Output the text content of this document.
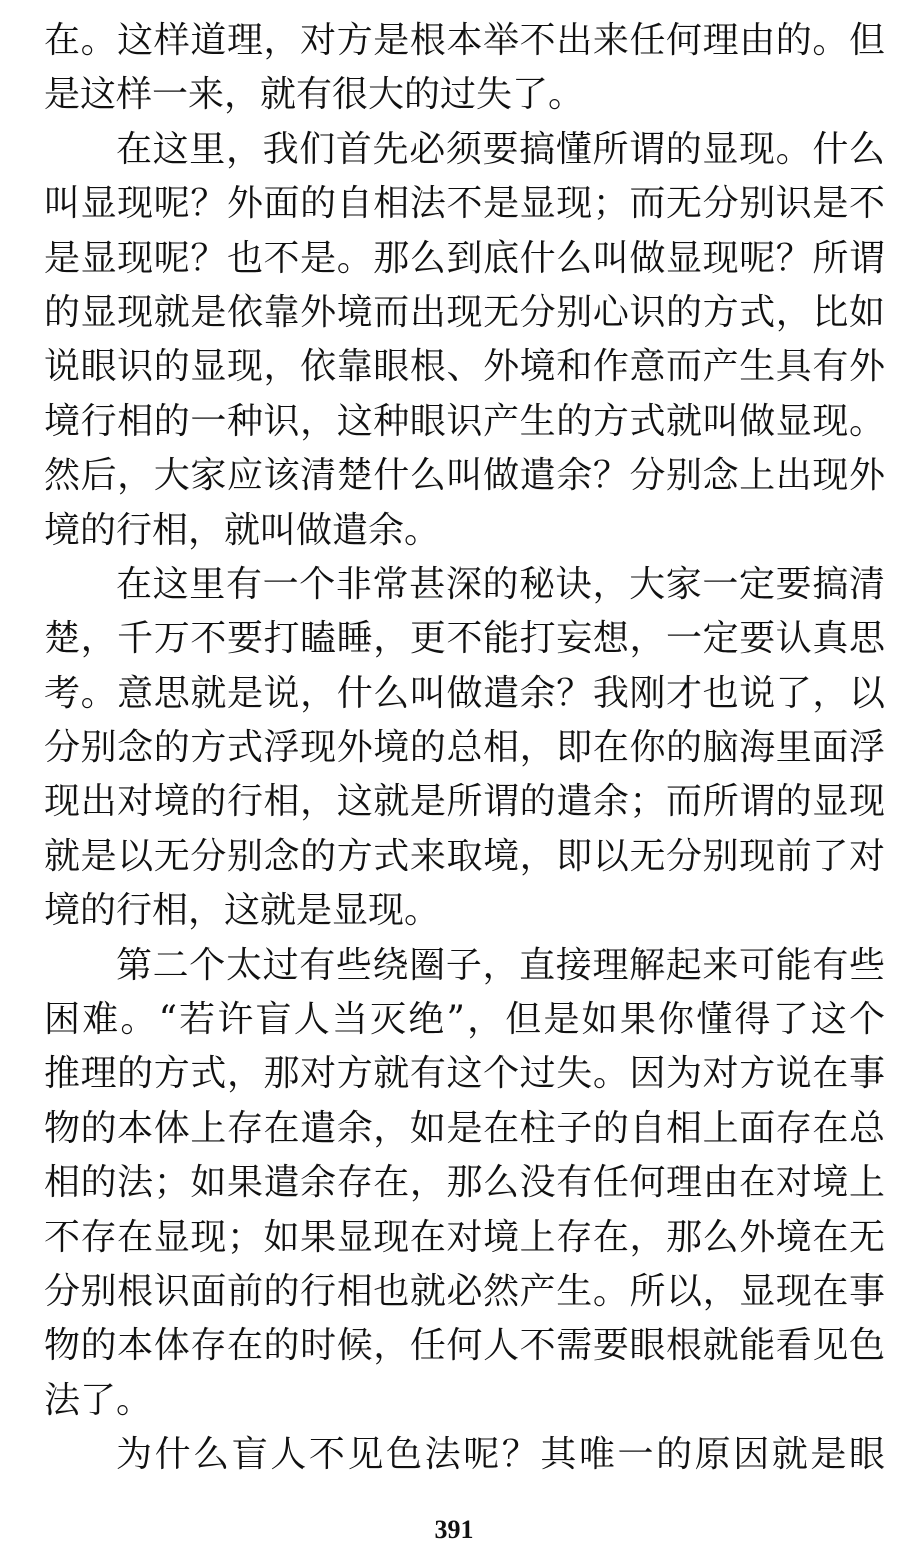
在。这样道理，对方是根本举不出来任何理由的。但
是这样一来，就有很大的过失了。
在这里，我们首先必须要搞懂所谓的显现。什么
叫显现呢？外面的自相法不是显现；而无分别识是不
是显现呢？也不是。那么到底什么叫做显现呢？所谓
的显现就是依靠外境而出现无分别心识的方式，比如
说眼识的显现，依靠眼根、外境和作意而产生具有外
境行相的一种识，这种眼识产生的方式就叫做显现。
然后，大家应该清楚什么叫做遣余？分别念上出现外
境的行相，就叫做遣余。
在这里有一个非常甚深的秘诀，大家一定要搞清
楚，千万不要打瞌睡，更不能打妄想，一定要认真思
考。意思就是说，什么叫做遣余？我刚才也说了，以
分别念的方式浮现外境的总相，即在你的脑海里面浮
现出对境的行相，这就是所谓的遣余；而所谓的显现
就是以无分别念的方式来取境，即以无分别现前了对
境的行相，这就是显现。
第二个太过有些绕圈子，直接理解起来可能有些
困难。“若许盲人当灭绝”，但是如果你懂得了这个
推理的方式，那对方就有这个过失。因为对方说在事
物的本体上存在遣余，如是在柱子的自相上面存在总
相的法；如果遣余存在，那么没有任何理由在对境上
不存在显现；如果显现在对境上存在，那么外境在无
分别根识面前的行相也就必然产生。所以，显现在事
物的本体存在的时候，任何人不需要眼根就能看见色
法了。
为什么盲人不见色法呢？其唯一的原因就是眼
391
